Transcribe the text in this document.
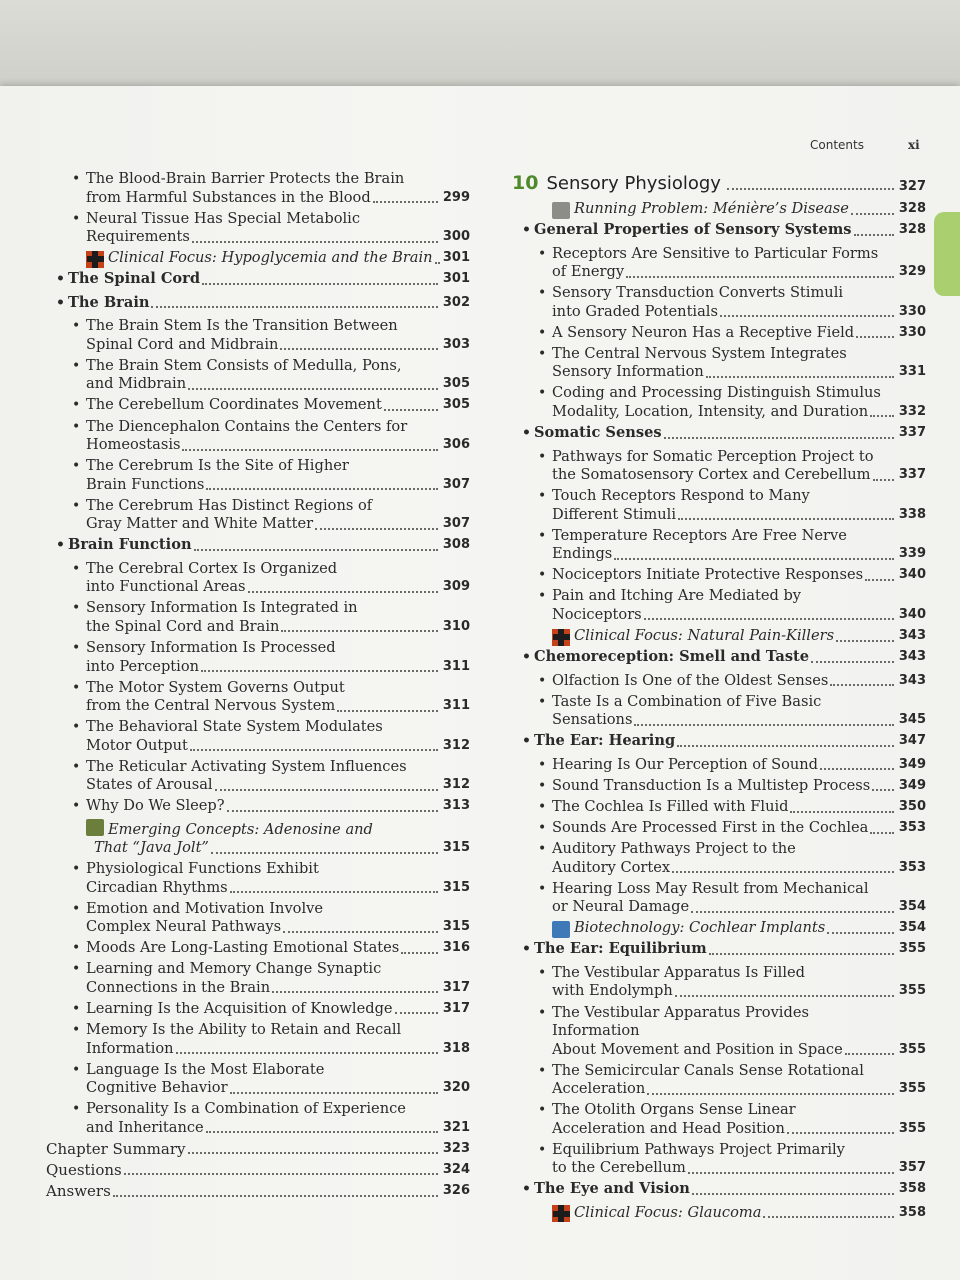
Contents	xi
• The Blood-Brain Barrier Protects the Brain
from Harmful Substances in the Blood	299
• Neural Tissue Has Special Metabolic
Requirements	300
Clinical Focus: Hypoglycemia and the Brain 301
• The Spinal Cord	301
• The Brain	302
• The Brain Stem Is the Transition Between
Spinal Cord and Midbrain	303
• The Brain Stem Consists of Medulla, Pons,
and Midbrain	305
• The Cerebellum Coordinates Movement	305
• The Diencephalon Contains the Centers for
Homeostasis	306
• The Cerebrum Is the Site of Higher
Brain Functions	307
• The Cerebrum Has Distinct Regions of
Gray Matter and White Matter	307
• Brain Function	308
• The Cerebral Cortex Is Organized
into Functional Areas	309
• Sensory Information Is Integrated in
the Spinal Cord and Brain	310
• Sensory Information Is Processed
into Perception	311
• The Motor System Governs Output
from the Central Nervous System	311
• The Behavioral State System Modulates
Motor Output	312
• The Reticular Activating System Influences
States of Arousal	312
• Why Do We Sleep?	313
Emerging Concepts: Adenosine and
That “Java Jolt”	315
• Physiological Functions Exhibit
Circadian Rhythms	315
• Emotion and Motivation Involve
Complex Neural Pathways	315
• Moods Are Long-Lasting Emotional States	316
• Learning and Memory Change Synaptic
Connections in the Brain	317
• Learning Is the Acquisition of Knowledge	317
• Memory Is the Ability to Retain and Recall
Information	318
• Language Is the Most Elaborate
Cognitive Behavior	320
• Personality Is a Combination of Experience
and Inheritance	321
Chapter Summary	323
Questions	324
Answers	326
10 Sensory Physiology	327
Running Problem: Ménière’s Disease	328
• General Properties of Sensory Systems	328
• Receptors Are Sensitive to Particular Forms
of Energy	329
• Sensory Transduction Converts Stimuli
into Graded Potentials	330
• A Sensory Neuron Has a Receptive Field	330
• The Central Nervous System Integrates
Sensory Information	331
• Coding and Processing Distinguish Stimulus
Modality, Location, Intensity, and Duration 332
• Somatic Senses	337
• Pathways for Somatic Perception Project to
the Somatosensory Cortex and Cerebellum 337
• Touch Receptors Respond to Many
Different Stimuli	338
• Temperature Receptors Are Free Nerve
Endings	339
• Nociceptors Initiate Protective Responses	340
• Pain and Itching Are Mediated by
Nociceptors	340
Clinical Focus: Natural Pain-Killers	343
• Chemoreception: Smell and Taste	343
• Olfaction Is One of the Oldest Senses	343
• Taste Is a Combination of Five Basic
Sensations	345
• The Ear: Hearing	347
• Hearing Is Our Perception of Sound	349
• Sound Transduction Is a Multistep Process 349
• The Cochlea Is Filled with Fluid	350
• Sounds Are Processed First in the Cochlea 353
• Auditory Pathways Project to the
Auditory Cortex	353
• Hearing Loss May Result from Mechanical
or Neural Damage	354
Biotechnology: Cochlear Implants	354
• The Ear: Equilibrium	355
• The Vestibular Apparatus Is Filled
with Endolymph	355
• The Vestibular Apparatus Provides Information
About Movement and Position in Space	355
• The Semicircular Canals Sense Rotational
Acceleration	355
• The Otolith Organs Sense Linear
Acceleration and Head Position	355
• Equilibrium Pathways Project Primarily
to the Cerebellum	357
• The Eye and Vision	358
Clinical Focus: Glaucoma	358
